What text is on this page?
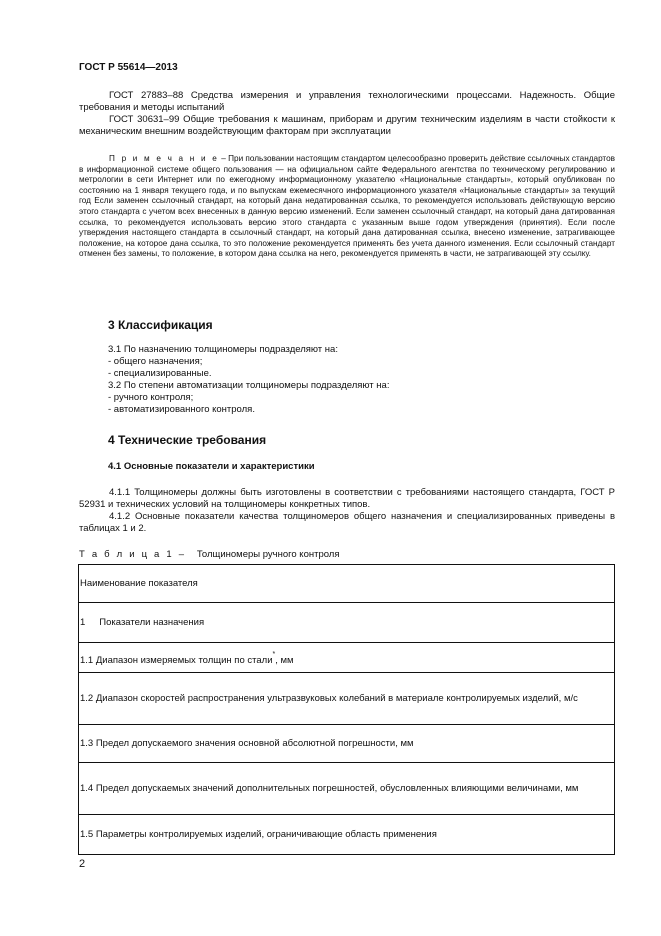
ГОСТ Р 55614—2013

ГОСТ 27883–88 Средства измерения и управления технологическими процессами. Надежность. Общие требования и методы испытаний

ГОСТ 30631–99 Общие требования к машинам, приборам и другим техническим изделиям в части стойкости к механическим внешним воздействующим факторам при эксплуатации

П р и м е ч а н и е – При пользовании настоящим стандартом целесообразно проверить действие ссылочных стандартов в информационной системе общего пользования — на официальном сайте Федерального агентства по техническому регулированию и метрологии в сети Интернет или по ежегодному информационному указателю «Национальные стандарты», который опубликован по состоянию на 1 января текущего года, и по выпускам ежемесячного информационного указателя «Национальные стандарты» за текущий год Если заменен ссылочный стандарт, на который дана недатированная ссылка, то рекомендуется использовать действующую версию этого стандарта с учетом всех внесенных в данную версию изменений. Если заменен ссылочный стандарт, на который дана датированная ссылка, то рекомендуется использовать версию этого стандарта с указанным выше годом утверждения (принятия). Если после утверждения настоящего стандарта в ссылочный стандарт, на который дана датированная ссылка, внесено изменение, затрагивающее положение, на которое дана ссылка, то это положение рекомендуется применять без учета данного изменения. Если ссылочный стандарт отменен без замены, то положение, в котором дана ссылка на него, рекомендуется применять в части, не затрагивающей эту ссылку.

3 Классификация
3.1 По назначению толщиномеры подразделяют на:
- общего назначения;
- специализированные.
3.2 По степени автоматизации толщиномеры подразделяют на:
- ручного контроля;
- автоматизированного контроля.
4 Технические требования
4.1 Основные показатели и характеристики

4.1.1 Толщиномеры должны быть изготовлены в соответствии с требованиями настоящего стандарта, ГОСТ Р 52931 и технических условий на толщиномеры конкретных типов.

4.1.2 Основные показатели качества толщиномеров общего назначения и специализированных приведены в таблицах 1 и 2.

Т а б л и ц а 1 – Толщиномеры ручного контроля
Наименование показателя
1 Показатели назначения
1.1 Диапазон измеряемых толщин по стали*, мм
1.2 Диапазон скоростей распространения ультразвуковых колебаний в материале контролируемых изделий, м/с
1.3 Предел допускаемого значения основной абсолютной погрешности, мм
1.4 Предел допускаемых значений дополнительных погрешностей, обусловленных влияющими величинами, мм
1.5 Параметры контролируемых изделий, ограничивающие область применения
2
